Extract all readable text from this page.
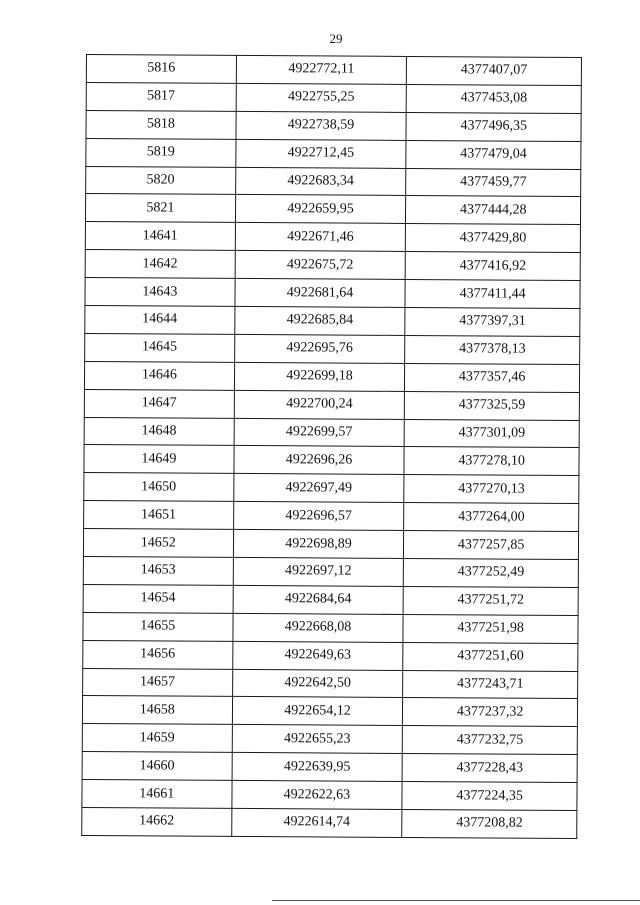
29
5816	4922772,11	4377407,07
5817	4922755,25	4377453,08
5818	4922738,59	4377496,35
5819	4922712,45	4377479,04
5820	4922683,34	4377459,77
5821	4922659,95	4377444,28
14641	4922671,46	4377429,80
14642	4922675,72	4377416,92
14643	4922681,64	4377411,44
14644	4922685,84	4377397,31
14645	4922695,76	4377378,13
14646	4922699,18	4377357,46
14647	4922700,24	4377325,59
14648	4922699,57	4377301,09
14649	4922696,26	4377278,10
14650	4922697,49	4377270,13
14651	4922696,57	4377264,00
14652	4922698,89	4377257,85
14653	4922697,12	4377252,49
14654	4922684,64	4377251,72
14655	4922668,08	4377251,98
14656	4922649,63	4377251,60
14657	4922642,50	4377243,71
14658	4922654,12	4377237,32
14659	4922655,23	4377232,75
14660	4922639,95	4377228,43
14661	4922622,63	4377224,35
14662	4922614,74	4377208,82
